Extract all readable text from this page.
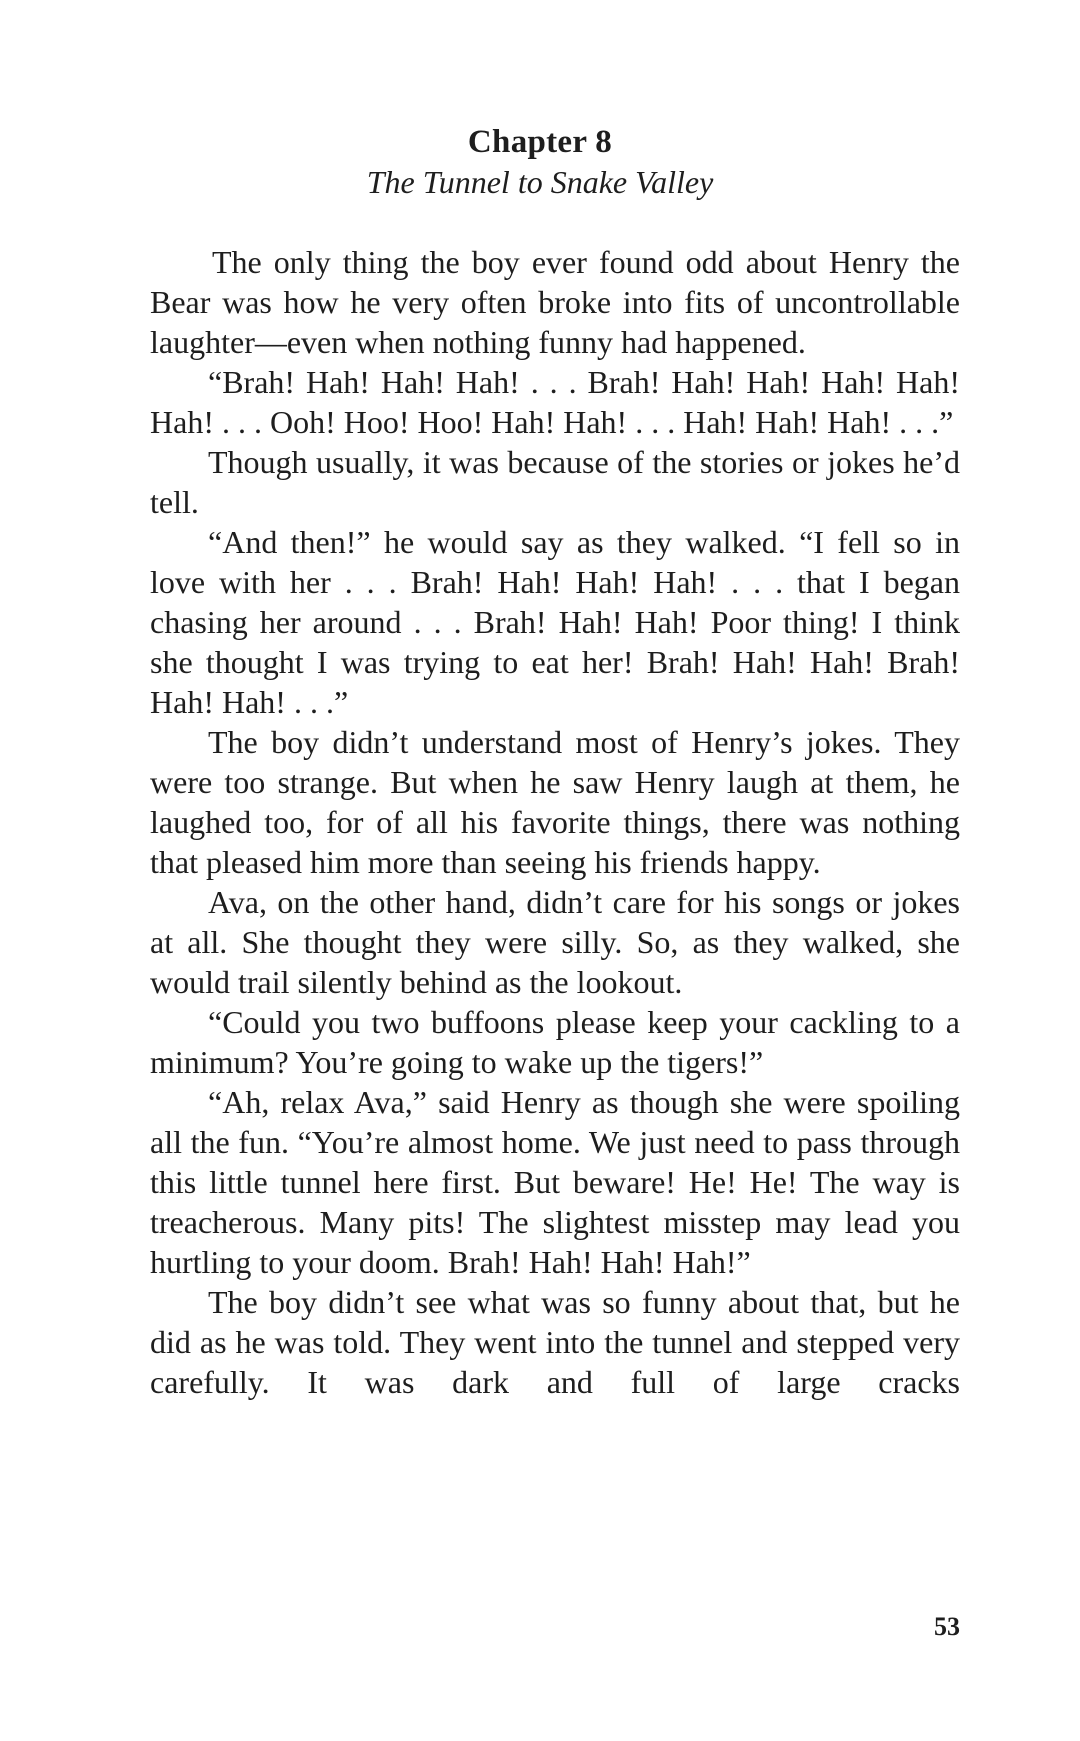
Chapter 8
The Tunnel to Snake Valley

The only thing the boy ever found odd about Henry the Bear was how he very often broke into fits of uncontrollable laughter—even when nothing funny had happened.

“Brah! Hah! Hah! Hah! . . . Brah! Hah! Hah! Hah! Hah! Hah! . . . Ooh! Hoo! Hoo! Hah! Hah! . . . Hah! Hah! Hah! . . .”

Though usually, it was because of the stories or jokes he’d tell.

“And then!” he would say as they walked. “I fell so in love with her . . . Brah! Hah! Hah! Hah! . . . that I began chasing her around . . . Brah! Hah! Hah! Poor thing! I think she thought I was trying to eat her! Brah! Hah! Hah! Brah! Hah! Hah! . . .”

The boy didn’t understand most of Henry’s jokes. They were too strange. But when he saw Henry laugh at them, he laughed too, for of all his favorite things, there was nothing that pleased him more than seeing his friends happy.

Ava, on the other hand, didn’t care for his songs or jokes at all. She thought they were silly. So, as they walked, she would trail silently behind as the lookout.

“Could you two buffoons please keep your cackling to a minimum? You’re going to wake up the tigers!”

“Ah, relax Ava,” said Henry as though she were spoiling all the fun. “You’re almost home. We just need to pass through this little tunnel here first. But beware! He! He! The way is treacherous. Many pits! The slightest misstep may lead you hurtling to your doom. Brah! Hah! Hah! Hah!”

The boy didn’t see what was so funny about that, but he did as he was told. They went into the tunnel and stepped very carefully. It was dark and full of large cracks

53
